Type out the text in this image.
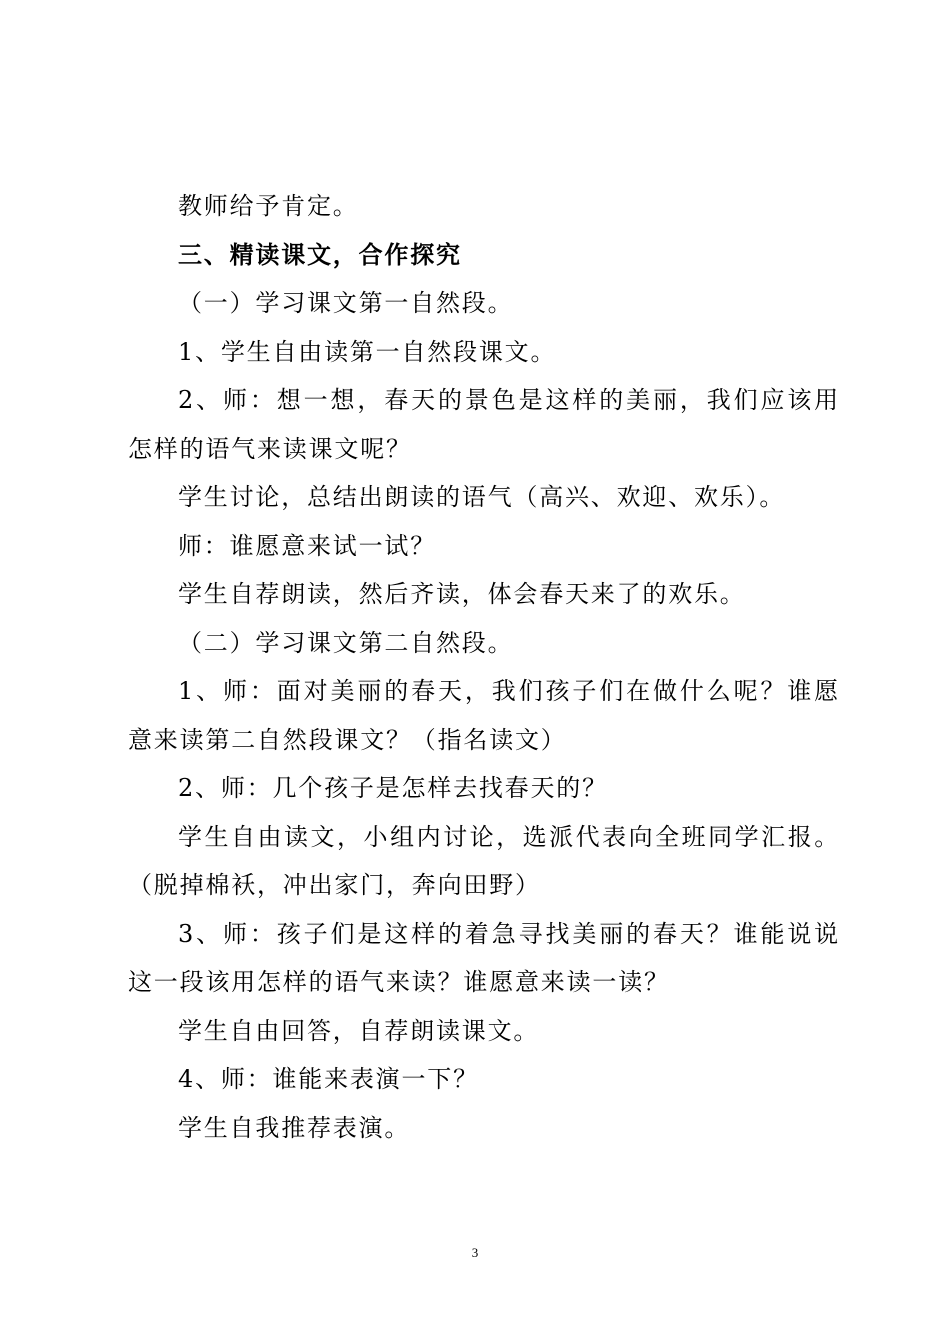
教师给予肯定。

三、精读课文，合作探究

（一）学习课文第一自然段。

1、学生自由读第一自然段课文。

2、师：想一想，春天的景色是这样的美丽，我们应该用怎样的语气来读课文呢？

学生讨论，总结出朗读的语气（高兴、欢迎、欢乐）。

师：谁愿意来试一试？

学生自荐朗读，然后齐读，体会春天来了的欢乐。

（二）学习课文第二自然段。

1、师：面对美丽的春天，我们孩子们在做什么呢？谁愿意来读第二自然段课文？（指名读文）

2、师：几个孩子是怎样去找春天的？

学生自由读文，小组内讨论，选派代表向全班同学汇报。（脱掉棉袄，冲出家门，奔向田野）

3、师：孩子们是这样的着急寻找美丽的春天？谁能说说这一段该用怎样的语气来读？谁愿意来读一读？

学生自由回答，自荐朗读课文。

4、师：谁能来表演一下？

学生自我推荐表演。

3
